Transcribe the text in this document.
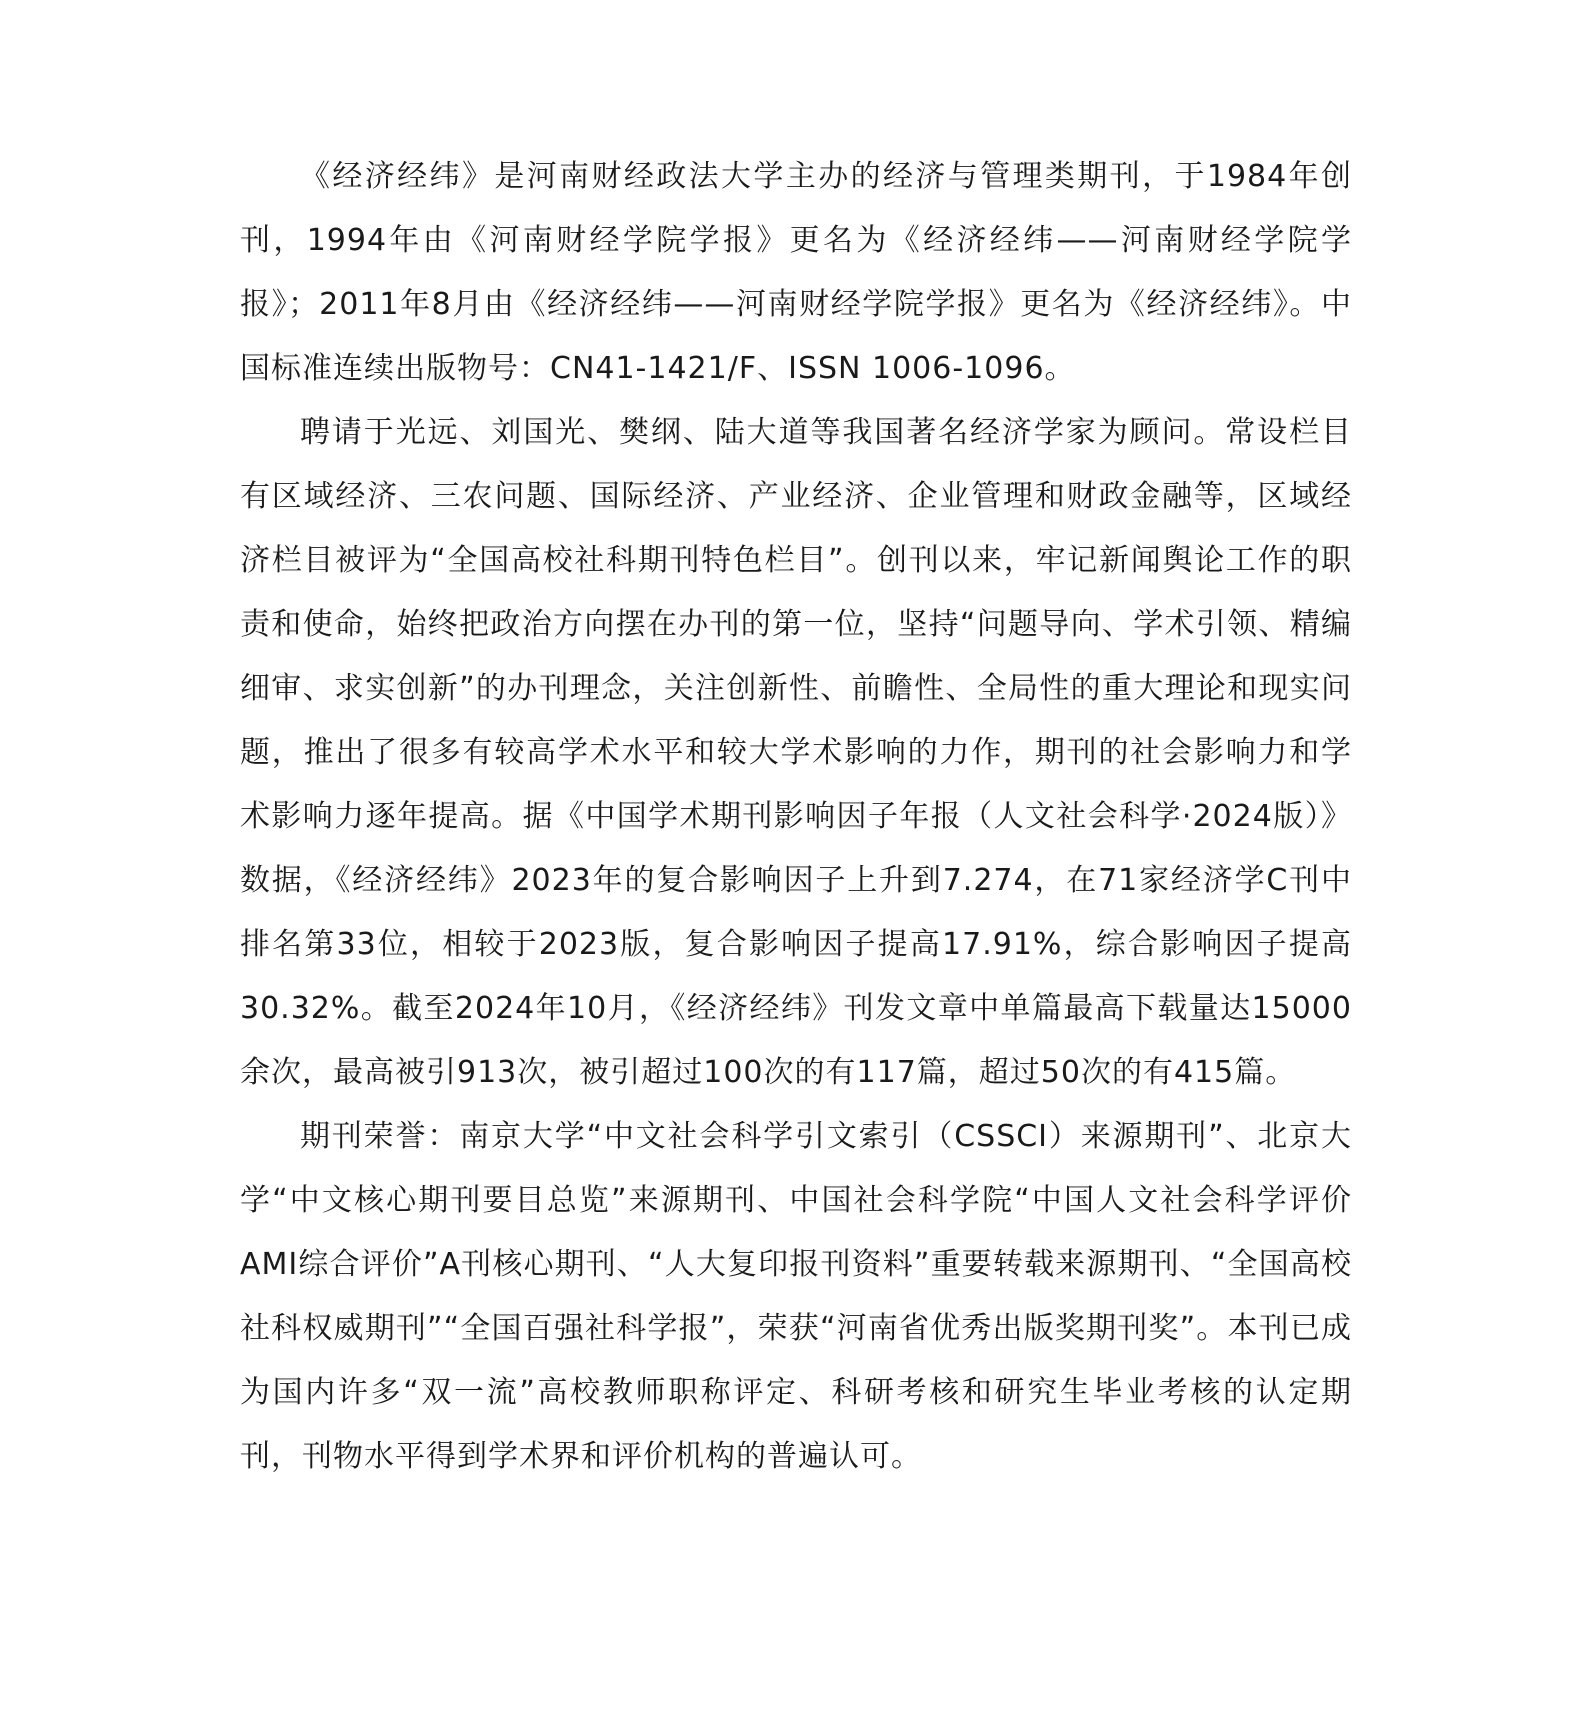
《经济经纬》是河南财经政法大学主办的经济与管理类期刊，于1984年创刊，1994年由《河南财经学院学报》更名为《经济经纬——河南财经学院学报》；2011年8月由《经济经纬——河南财经学院学报》更名为《经济经纬》。中国标准连续出版物号：CN41-1421/F、ISSN 1006-1096。

聘请于光远、刘国光、樊纲、陆大道等我国著名经济学家为顾问。常设栏目有区域经济、三农问题、国际经济、产业经济、企业管理和财政金融等，区域经济栏目被评为“全国高校社科期刊特色栏目”。创刊以来，牢记新闻舆论工作的职责和使命，始终把政治方向摆在办刊的第一位，坚持“问题导向、学术引领、精编细审、求实创新”的办刊理念，关注创新性、前瞻性、全局性的重大理论和现实问题，推出了很多有较高学术水平和较大学术影响的力作，期刊的社会影响力和学术影响力逐年提高。据《中国学术期刊影响因子年报（人文社会科学·2024版）》数据，《经济经纬》2023年的复合影响因子上升到7.274，在71家经济学C刊中排名第33位，相较于2023版，复合影响因子提高17.91%，综合影响因子提高30.32%。截至2024年10月，《经济经纬》刊发文章中单篇最高下载量达15000余次，最高被引913次，被引超过100次的有117篇，超过50次的有415篇。

期刊荣誉：南京大学“中文社会科学引文索引（CSSCI）来源期刊”、北京大学“中文核心期刊要目总览”来源期刊、中国社会科学院“中国人文社会科学评价AMI综合评价”A刊核心期刊、“人大复印报刊资料”重要转载来源期刊、“全国高校社科权威期刊”“全国百强社科学报”，荣获“河南省优秀出版奖期刊奖”。本刊已成为国内许多“双一流”高校教师职称评定、科研考核和研究生毕业考核的认定期刊，刊物水平得到学术界和评价机构的普遍认可。
